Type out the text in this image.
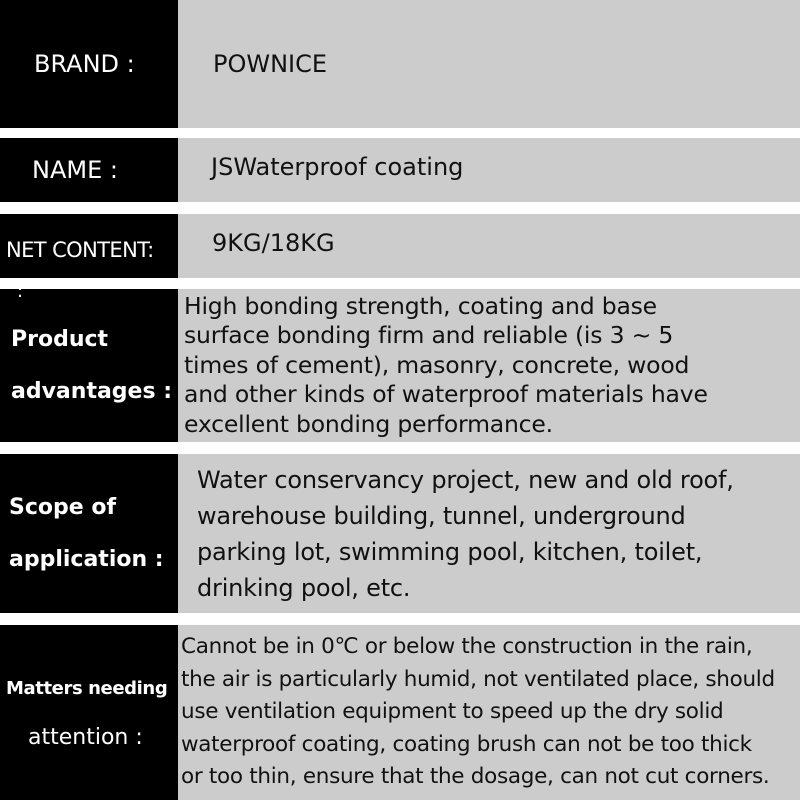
BRAND :	POWNICE
NAME :	JSWaterproof coating
NET CONTENT:	9KG/18KG
:
Product
advantages :
High bonding strength, coating and base
surface bonding firm and reliable (is 3 ~ 5
times of cement), masonry, concrete, wood
and other kinds of waterproof materials have
excellent bonding performance.
Scope of
application :
Water conservancy project, new and old roof,
warehouse building, tunnel, underground
parking lot, swimming pool, kitchen, toilet,
drinking pool, etc.
Matters needing
attention :
Cannot be in 0℃ or below the construction in the rain,
the air is particularly humid, not ventilated place, should
use ventilation equipment to speed up the dry solid
waterproof coating, coating brush can not be too thick
or too thin, ensure that the dosage, can not cut corners.
